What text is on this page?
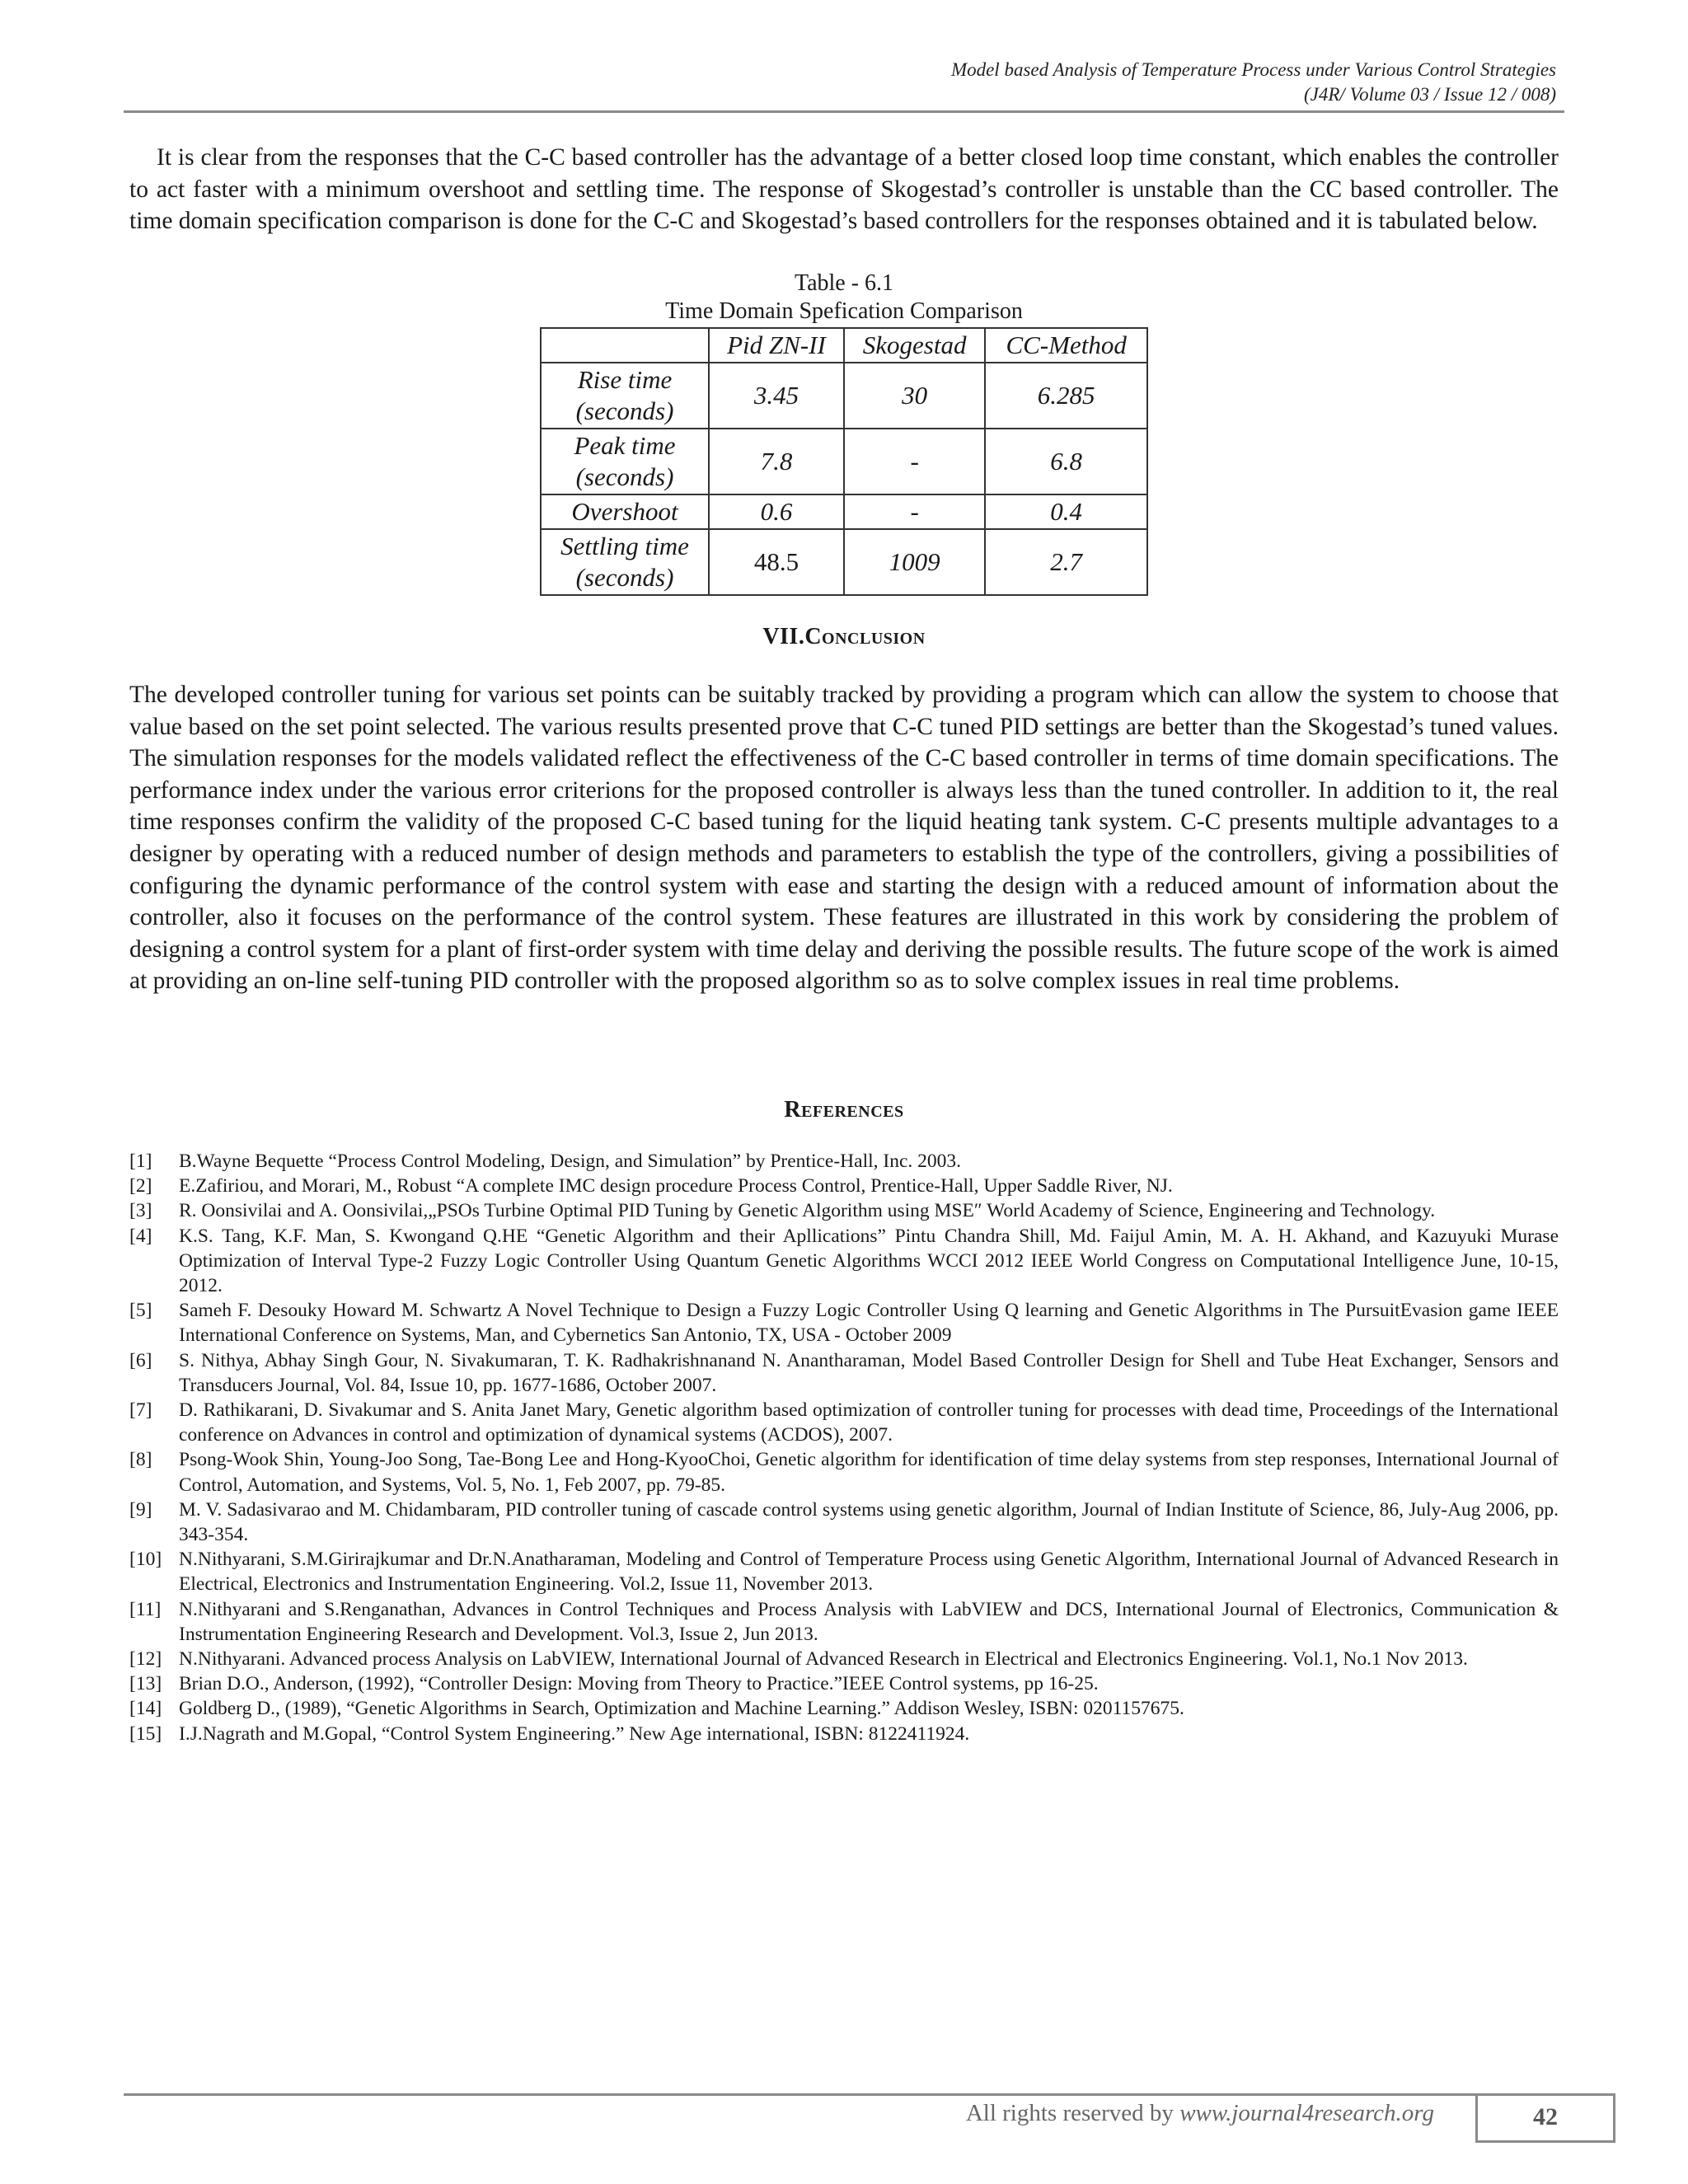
Model based Analysis of Temperature Process under Various Control Strategies
(J4R/ Volume 03 / Issue 12 / 008)

It is clear from the responses that the C-C based controller has the advantage of a better closed loop time constant, which enables the controller to act faster with a minimum overshoot and settling time. The response of Skogestad’s controller is unstable than the CC based controller. The time domain specification comparison is done for the C-C and Skogestad’s based controllers for the responses obtained and it is tabulated below.

Table - 6.1
Time Domain Spefication Comparison
	Pid ZN-II	Skogestad	CC-Method
Rise time
(seconds)	3.45	30	6.285
Peak time
(seconds)	7.8	-	6.8
Overshoot	0.6	-	0.4
Settling time
(seconds)	48.5	1009	2.7
VII.Conclusion

The developed controller tuning for various set points can be suitably tracked by providing a program which can allow the system to choose that value based on the set point selected. The various results presented prove that C-C tuned PID settings are better than the Skogestad’s tuned values. The simulation responses for the models validated reflect the effectiveness of the C-C based controller in terms of time domain specifications. The performance index under the various error criterions for the proposed controller is always less than the tuned controller. In addition to it, the real time responses confirm the validity of the proposed C-C based tuning for the liquid heating tank system. C-C presents multiple advantages to a designer by operating with a reduced number of design methods and parameters to establish the type of the controllers, giving a possibilities of configuring the dynamic performance of the control system with ease and starting the design with a reduced amount of information about the controller, also it focuses on the performance of the control system. These features are illustrated in this work by considering the problem of designing a control system for a plant of first-order system with time delay and deriving the possible results. The future scope of the work is aimed at providing an on-line self-tuning PID controller with the proposed algorithm so as to solve complex issues in real time problems.

References
[1] B.Wayne Bequette “Process Control Modeling, Design, and Simulation” by Prentice-Hall, Inc. 2003.
[2] E.Zafiriou, and Morari, M., Robust “A complete IMC design procedure Process Control, Prentice-Hall, Upper Saddle River, NJ.
[3] R. Oonsivilai and A. Oonsivilai,„PSOs Turbine Optimal PID Tuning by Genetic Algorithm using MSE″ World Academy of Science, Engineering and Technology.
[4] K.S. Tang, K.F. Man, S. Kwongand Q.HE “Genetic Algorithm and their Apllications” Pintu Chandra Shill, Md. Faijul Amin, M. A. H. Akhand, and Kazuyuki Murase Optimization of Interval Type-2 Fuzzy Logic Controller Using Quantum Genetic Algorithms WCCI 2012 IEEE World Congress on Computational Intelligence June, 10-15, 2012.
[5] Sameh F. Desouky Howard M. Schwartz A Novel Technique to Design a Fuzzy Logic Controller Using Q learning and Genetic Algorithms in The PursuitEvasion game IEEE International Conference on Systems, Man, and Cybernetics San Antonio, TX, USA - October 2009
[6] S. Nithya, Abhay Singh Gour, N. Sivakumaran, T. K. Radhakrishnanand N. Anantharaman, Model Based Controller Design for Shell and Tube Heat Exchanger, Sensors and Transducers Journal, Vol. 84, Issue 10, pp. 1677-1686, October 2007.
[7] D. Rathikarani, D. Sivakumar and S. Anita Janet Mary, Genetic algorithm based optimization of controller tuning for processes with dead time, Proceedings of the International conference on Advances in control and optimization of dynamical systems (ACDOS), 2007.
[8] Psong-Wook Shin, Young-Joo Song, Tae-Bong Lee and Hong-KyooChoi, Genetic algorithm for identification of time delay systems from step responses, International Journal of Control, Automation, and Systems, Vol. 5, No. 1, Feb 2007, pp. 79-85.
[9] M. V. Sadasivarao and M. Chidambaram, PID controller tuning of cascade control systems using genetic algorithm, Journal of Indian Institute of Science, 86, July-Aug 2006, pp. 343-354.
[10] N.Nithyarani, S.M.Girirajkumar and Dr.N.Anatharaman, Modeling and Control of Temperature Process using Genetic Algorithm, International Journal of Advanced Research in Electrical, Electronics and Instrumentation Engineering. Vol.2, Issue 11, November 2013.
[11] N.Nithyarani and S.Renganathan, Advances in Control Techniques and Process Analysis with LabVIEW and DCS, International Journal of Electronics, Communication & Instrumentation Engineering Research and Development. Vol.3, Issue 2, Jun 2013.
[12] N.Nithyarani. Advanced process Analysis on LabVIEW, International Journal of Advanced Research in Electrical and Electronics Engineering. Vol.1, No.1 Nov 2013.
[13] Brian D.O., Anderson, (1992), “Controller Design: Moving from Theory to Practice.”IEEE Control systems, pp 16-25.
[14] Goldberg D., (1989), “Genetic Algorithms in Search, Optimization and Machine Learning.” Addison Wesley, ISBN: 0201157675.
[15] I.J.Nagrath and M.Gopal, “Control System Engineering.” New Age international, ISBN: 8122411924.
All rights reserved by www.journal4research.org	42
